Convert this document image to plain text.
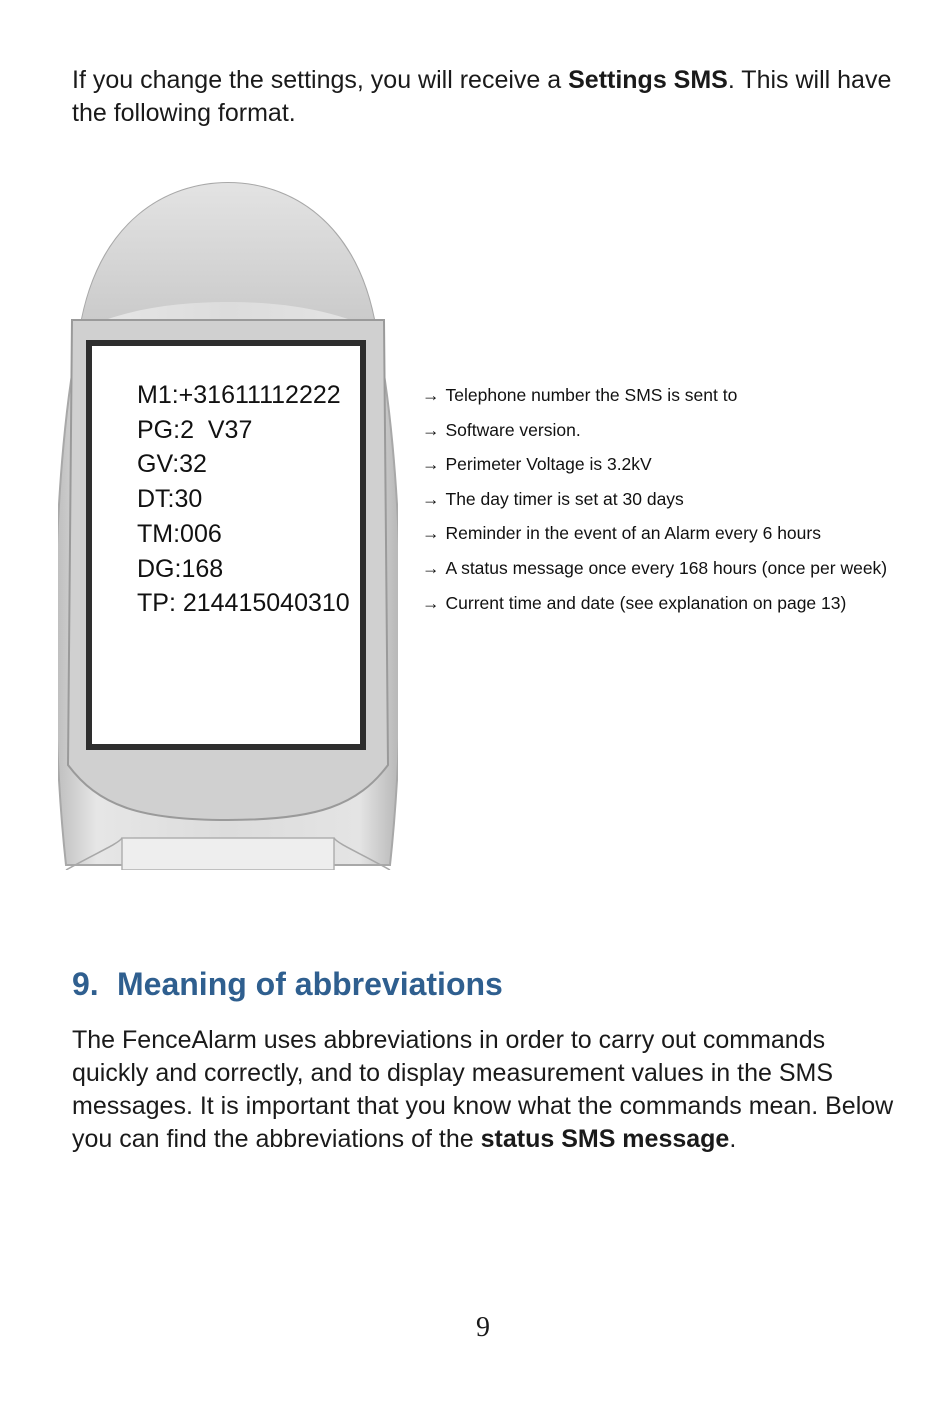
If you change the settings, you will receive a Settings SMS. This will have the following format.

M1:+31611112222
PG:2  V37
GV:32
DT:30
TM:006
DG:168
TP: 214415040310
→ Telephone number the SMS is sent to
→ Software version.
→ Perimeter Voltage is 3.2kV
→ The day timer is set at 30 days
→ Reminder in the event of an Alarm every 6 hours
→ A status message once every 168 hours (once per week)
→ Current time and date (see explanation on page 13)
9. Meaning of abbreviations

The FenceAlarm uses abbreviations in order to carry out commands quickly and correctly, and to display measurement values in the SMS messages. It is important that you know what the commands mean. Below you can find the abbreviations of the status SMS message.

9
